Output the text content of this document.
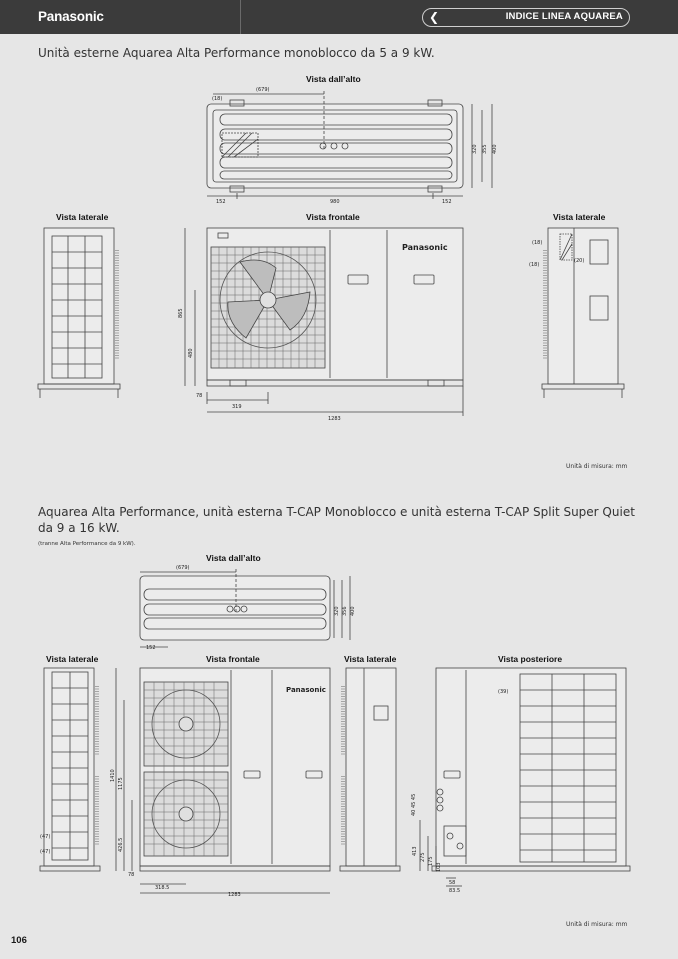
Panasonic	❮	INDICE LINEA AQUAREA
Unità esterne Aquarea Alta Performance monoblocco da 5 a 9 kW.
Vista dall’alto
Vista laterale	Vista frontale	Vista laterale
Panasonic
Panasonic
(18)
(679)
152	980	152
320 355 400
865
480
78
319
1283
(18)
(18)
(20)
(679)
152
320 356 400
1410
1175
426.5
78
318.5
1283
(47)
(47)
(39)
40 45 45
413
275 175
103
58
83.5
Unità di misura: mm
Aquarea Alta Performance, unità esterna T-CAP Monoblocco e unità esterna T-CAP Split Super Quiet da 9 a 16 kW.
(tranne Alta Performance da 9 kW).
Vista dall’alto
Vista laterale	Vista frontale	Vista laterale	Vista posteriore
Unità di misura: mm
106
